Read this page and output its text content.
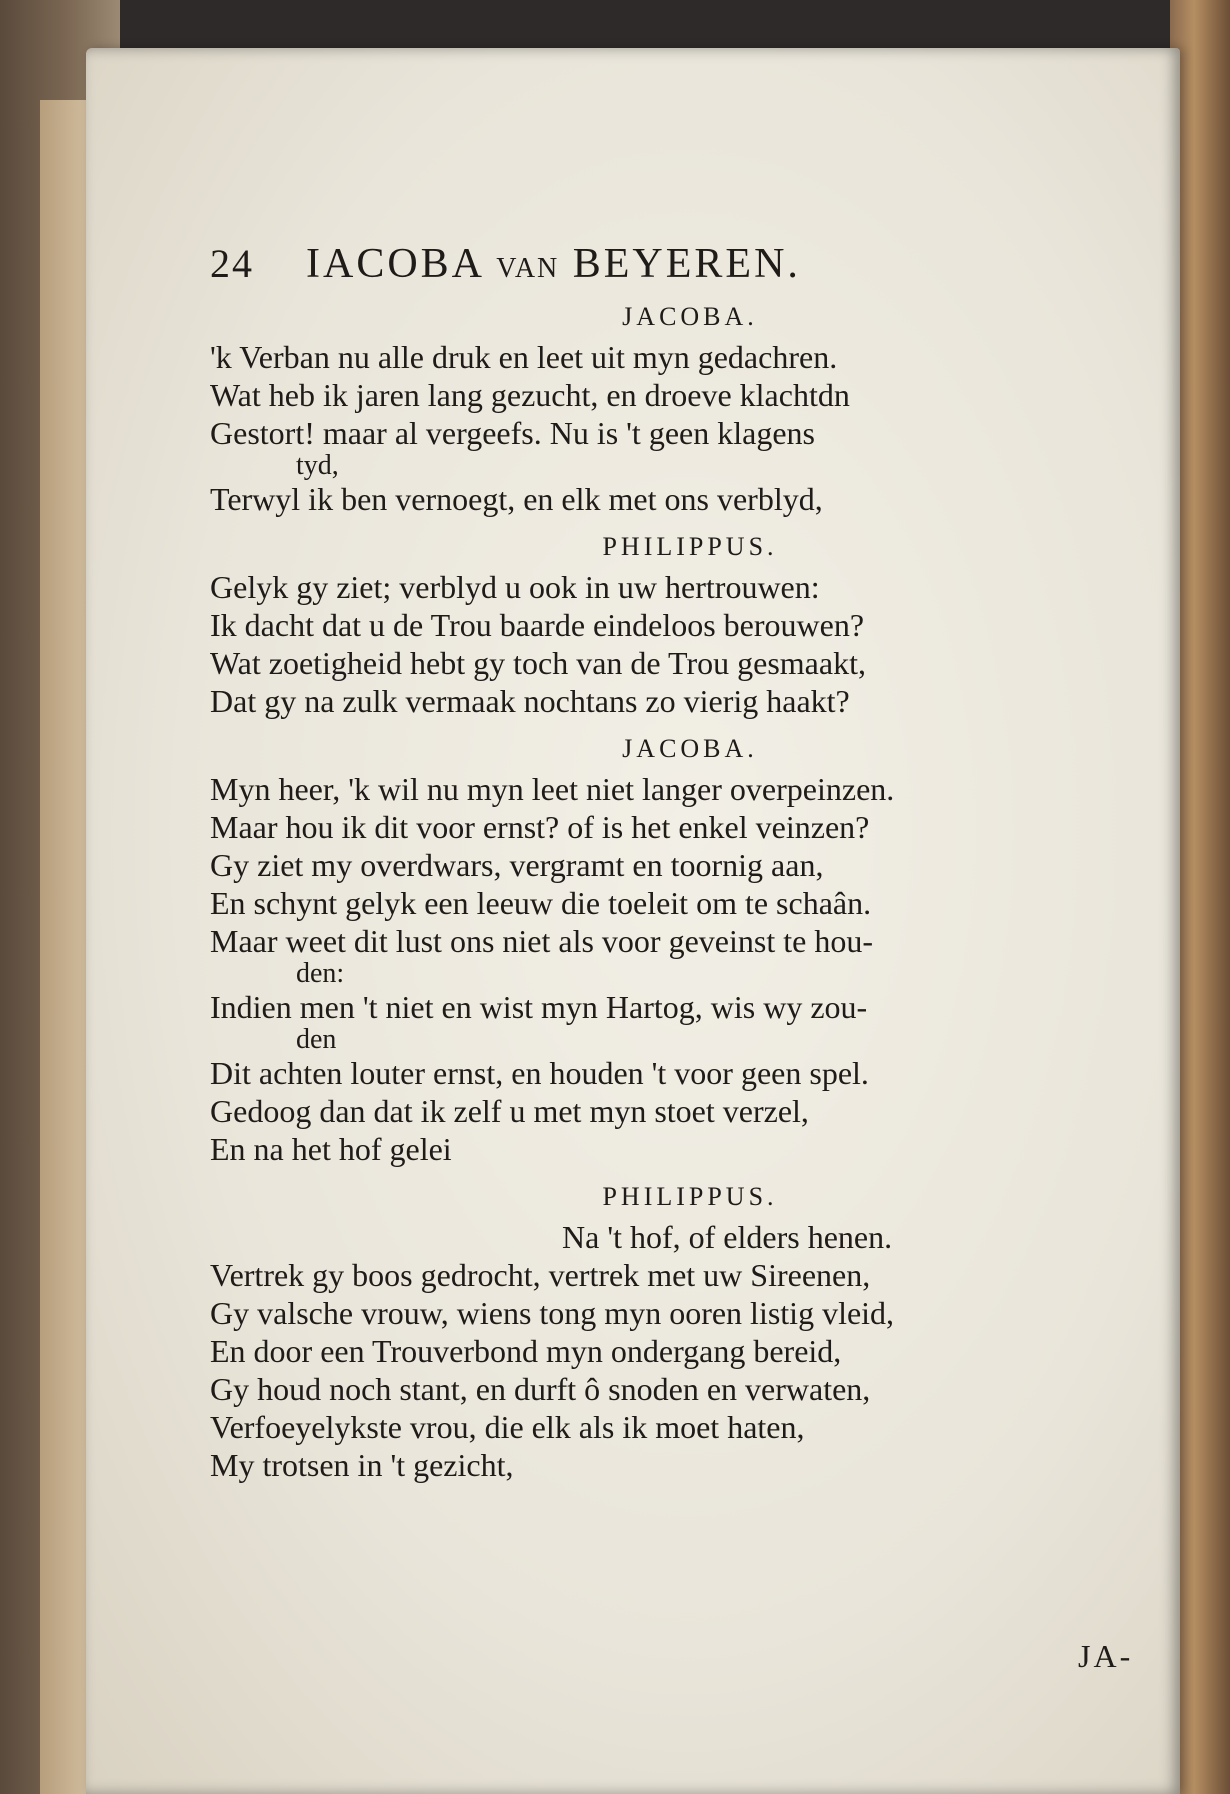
24	IACOBA VAN BEYEREN.
JACOBA.
'k Verban nu alle druk en leet uit myn gedachren.
Wat heb ik jaren lang gezucht, en droeve klachtdn
Gestort! maar al vergeefs. Nu is 't geen klagens
tyd,
Terwyl ik ben vernoegt, en elk met ons verblyd,
PHILIPPUS.
Gelyk gy ziet; verblyd u ook in uw hertrouwen:
Ik dacht dat u de Trou baarde eindeloos berouwen?
Wat zoetigheid hebt gy toch van de Trou gesmaakt,
Dat gy na zulk vermaak nochtans zo vierig haakt?
JACOBA.
Myn heer, 'k wil nu myn leet niet langer overpeinzen.
Maar hou ik dit voor ernst? of is het enkel veinzen?
Gy ziet my overdwars, vergramt en toornig aan,
En schynt gelyk een leeuw die toeleit om te schaân.
Maar weet dit lust ons niet als voor geveinst te hou-
den:
Indien men 't niet en wist myn Hartog, wis wy zou-
den
Dit achten louter ernst, en houden 't voor geen spel.
Gedoog dan dat ik zelf u met myn stoet verzel,
En na het hof gelei
PHILIPPUS.
Na 't hof, of elders henen.
Vertrek gy boos gedrocht, vertrek met uw Sireenen,
Gy valsche vrouw, wiens tong myn ooren listig vleid,
En door een Trouverbond myn ondergang bereid,
Gy houd noch stant, en durft ô snoden en verwaten,
Verfoeyelykste vrou, die elk als ik moet haten,
My trotsen in 't gezicht,
JA-
